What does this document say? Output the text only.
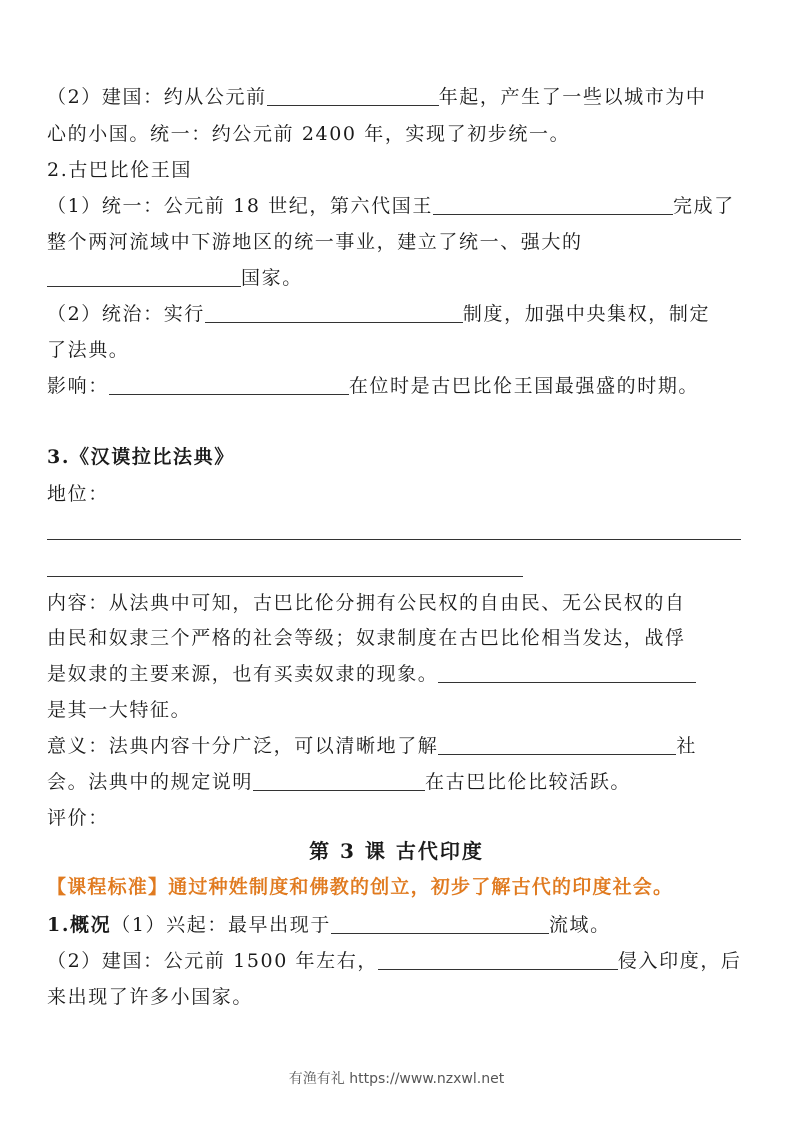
（2）建国：约从公元前	年起，产生了一些以城市为中
心的小国。统一：约公元前 2400 年，实现了初步统一。
2.古巴比伦王国
（1）统一：公元前 18 世纪，第六代国王	完成了
整个两河流域中下游地区的统一事业，建立了统一、强大的
国家。
（2）统治：实行	制度，加强中央集权，制定
了法典。
影响：	在位时是古巴比伦王国最强盛的时期。
3.《汉谟拉比法典》
地位：
内容：从法典中可知，古巴比伦分拥有公民权的自由民、无公民权的自
由民和奴隶三个严格的社会等级；奴隶制度在古巴比伦相当发达，战俘
是奴隶的主要来源，也有买卖奴隶的现象。
是其一大特征。
意义：法典内容十分广泛，可以清晰地了解	社
会。法典中的规定说明	在古巴比伦比较活跃。
评价：
第 3 课 古代印度
【课程标准】通过种姓制度和佛教的创立，初步了解古代的印度社会。
1.概况（1）兴起：最早出现于	流域。
（2）建国：公元前 1500 年左右，	侵入印度，后
来出现了许多小国家。
有渔有礼 https://www.nzxwl.net
